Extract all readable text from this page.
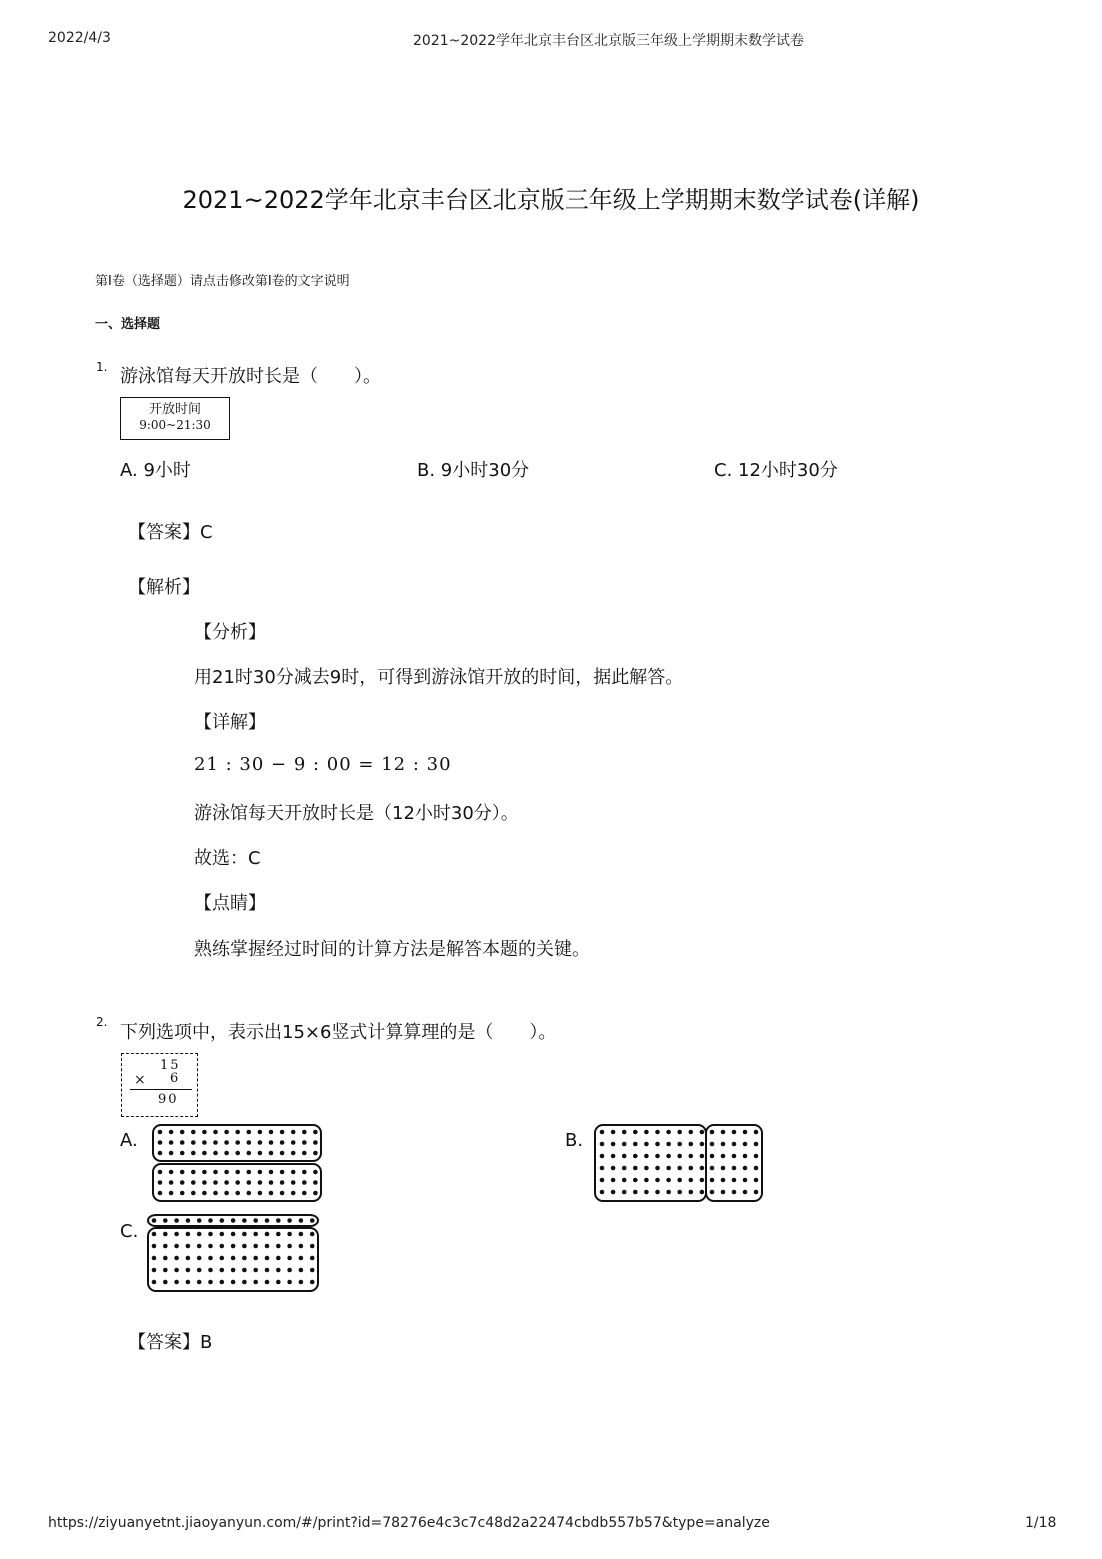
2022/4/3	2021~2022学年北京丰台区北京版三年级上学期期末数学试卷
2021~2022学年北京丰台区北京版三年级上学期期末数学试卷(详解)
第I卷（选择题）请点击修改第I卷的文字说明
一、选择题
1. 游泳馆每天开放时长是（　　）。
开放时间
9:00~21:30
A. 9小时	B. 9小时30分	C. 12小时30分
【答案】C
【解析】
【分析】
用21时30分减去9时，可得到游泳馆开放的时间，据此解答。
【详解】
21 : 30 − 9 : 00 = 12 : 30
游泳馆每天开放时长是（12小时30分）。
故选：C
【点睛】
熟练掌握经过时间的计算方法是解答本题的关键。
2. 下列选项中，表示出15×6竖式计算算理的是（　　）。
15
× 6
90
A.	B.
C.
【答案】B
https://ziyuanyetnt.jiaoyanyun.com/#/print?id=78276e4c3c7c48d2a22474cbdb557b57&type=analyze	1/18
